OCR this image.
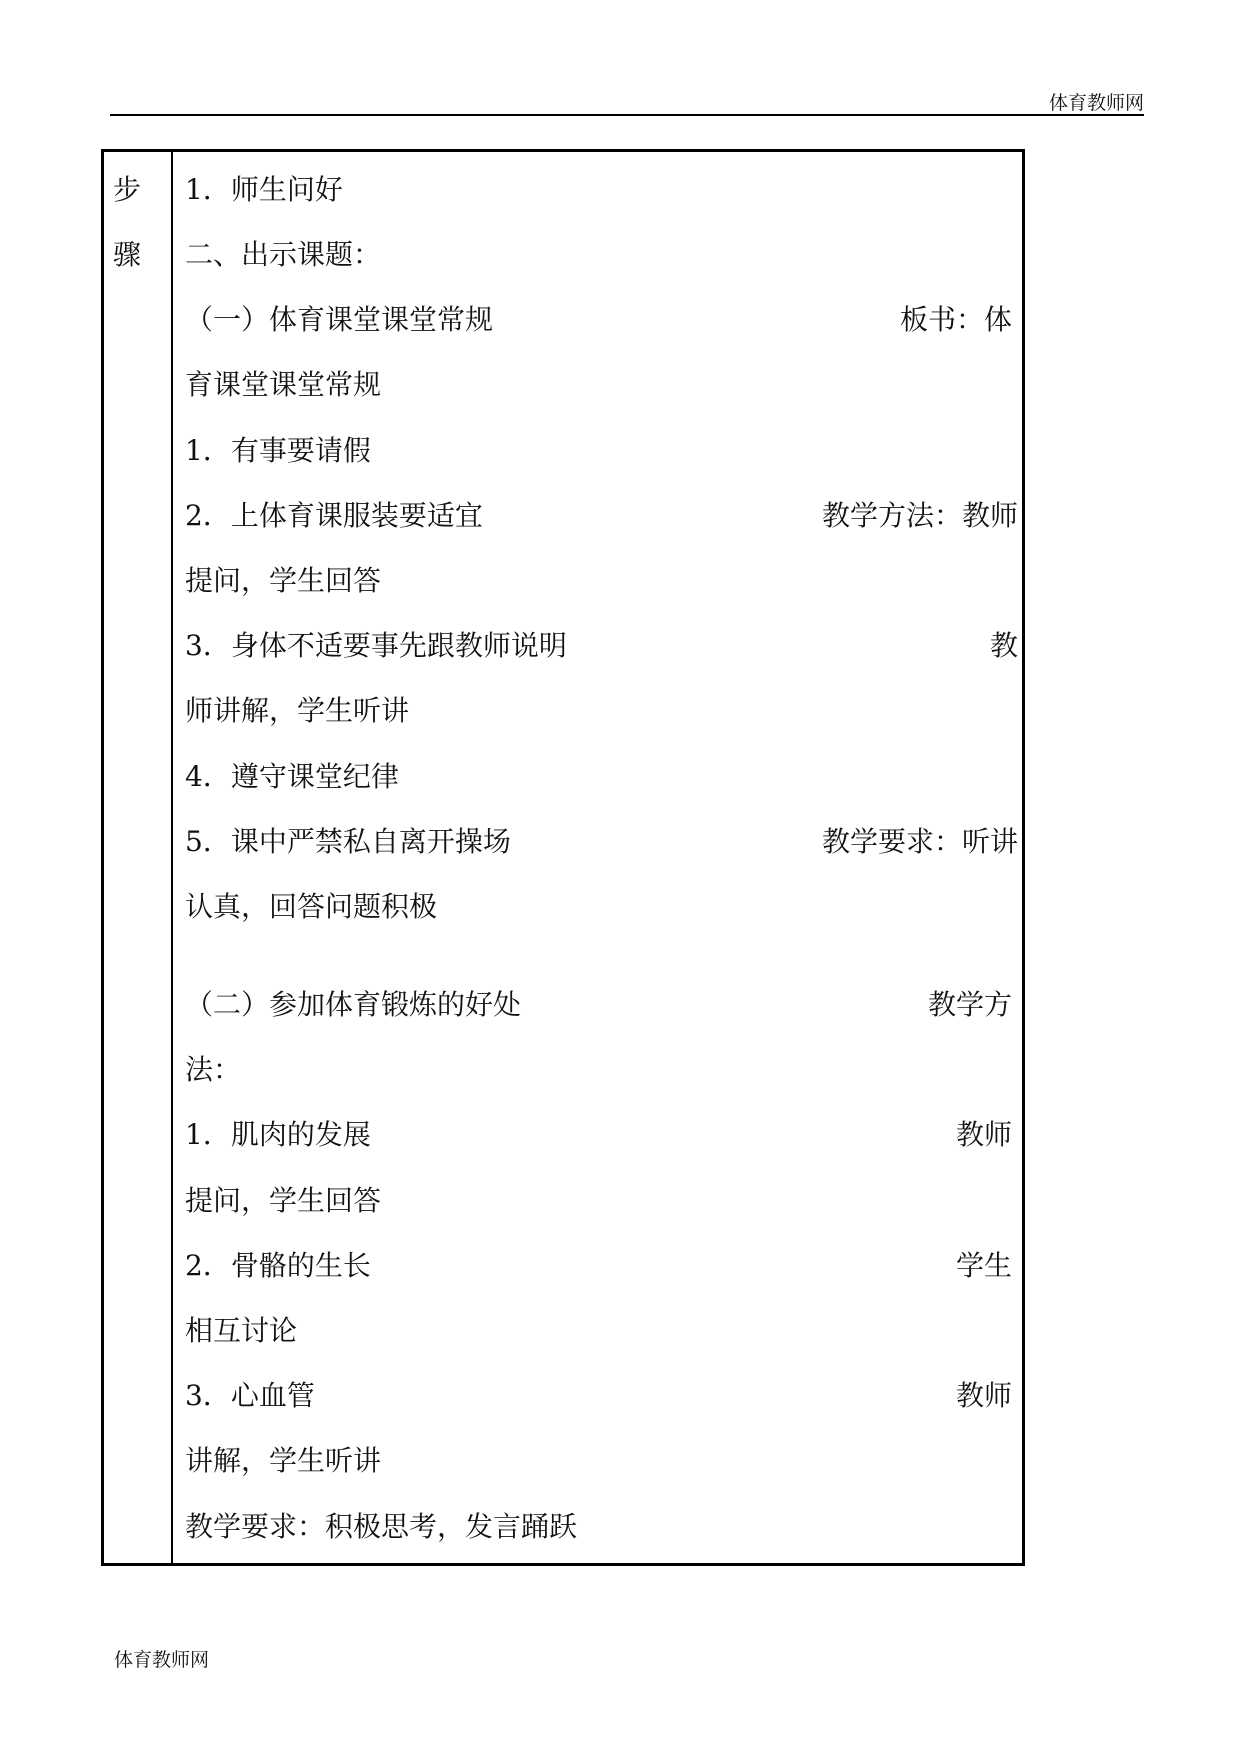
体育教师网
步
骤
1．师生问好
二、出示课题：
（一）体育课堂课堂常规	板书：体
育课堂课堂常规
1．有事要请假
2．上体育课服装要适宜	教学方法：教师
提问，学生回答
3．身体不适要事先跟教师说明	教
师讲解，学生听讲
4．遵守课堂纪律
5．课中严禁私自离开操场	教学要求：听讲
认真，回答问题积极
（二）参加体育锻炼的好处	教学方
法：
1．肌肉的发展	教师
提问，学生回答
2．骨骼的生长	学生
相互讨论
3．心血管	教师
讲解，学生听讲
教学要求：积极思考，发言踊跃
体育教师网
